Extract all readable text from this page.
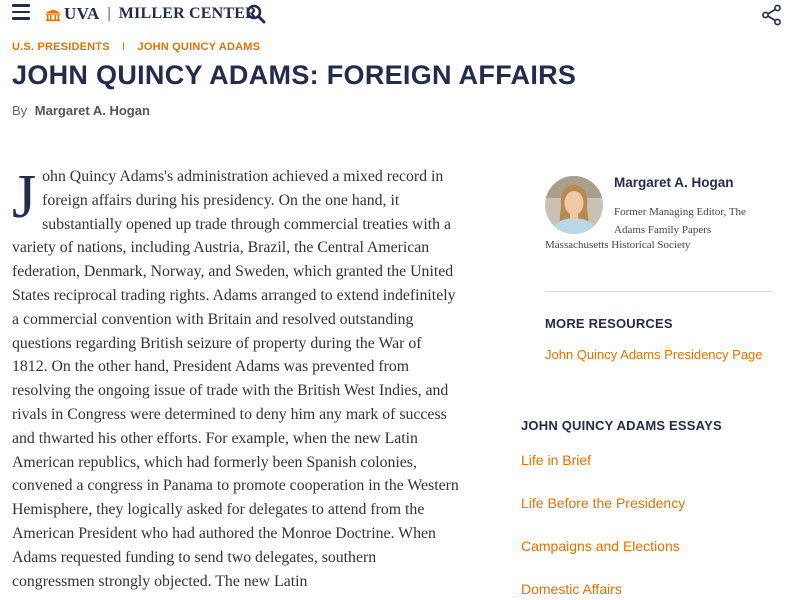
UVA | MILLER CENTER
U.S. PRESIDENTS I JOHN QUINCY ADAMS
JOHN QUINCY ADAMS: FOREIGN AFFAIRS
By Margaret A. Hogan

J ohn Quincy Adams's administration achieved a mixed record in foreign affairs during his presidency. On the one hand, it substantially opened up trade through commercial treaties with a variety of nations, including Austria, Brazil, the Central American federation, Denmark, Norway, and Sweden, which granted the United States reciprocal trading rights. Adams arranged to extend indefinitely a commercial convention with Britain and resolved outstanding questions regarding British seizure of property during the War of 1812. On the other hand, President Adams was prevented from resolving the ongoing issue of trade with the British West Indies, and rivals in Congress were determined to deny him any mark of success and thwarted his other efforts. For example, when the new Latin American republics, which had formerly been Spanish colonies, convened a congress in Panama to promote cooperation in the Western Hemisphere, they logically asked for delegates to attend from the American President who had authored the Monroe Doctrine. When Adams requested funding to send two delegates, southern congressmen strongly objected. The new Latin

Margaret A. Hogan

Former Managing Editor, The Adams Family Papers

Massachusetts Historical Society
MORE RESOURCES
John Quincy Adams Presidency Page
JOHN QUINCY ADAMS ESSAYS
Life in Brief
Life Before the Presidency
Campaigns and Elections
Domestic Affairs
